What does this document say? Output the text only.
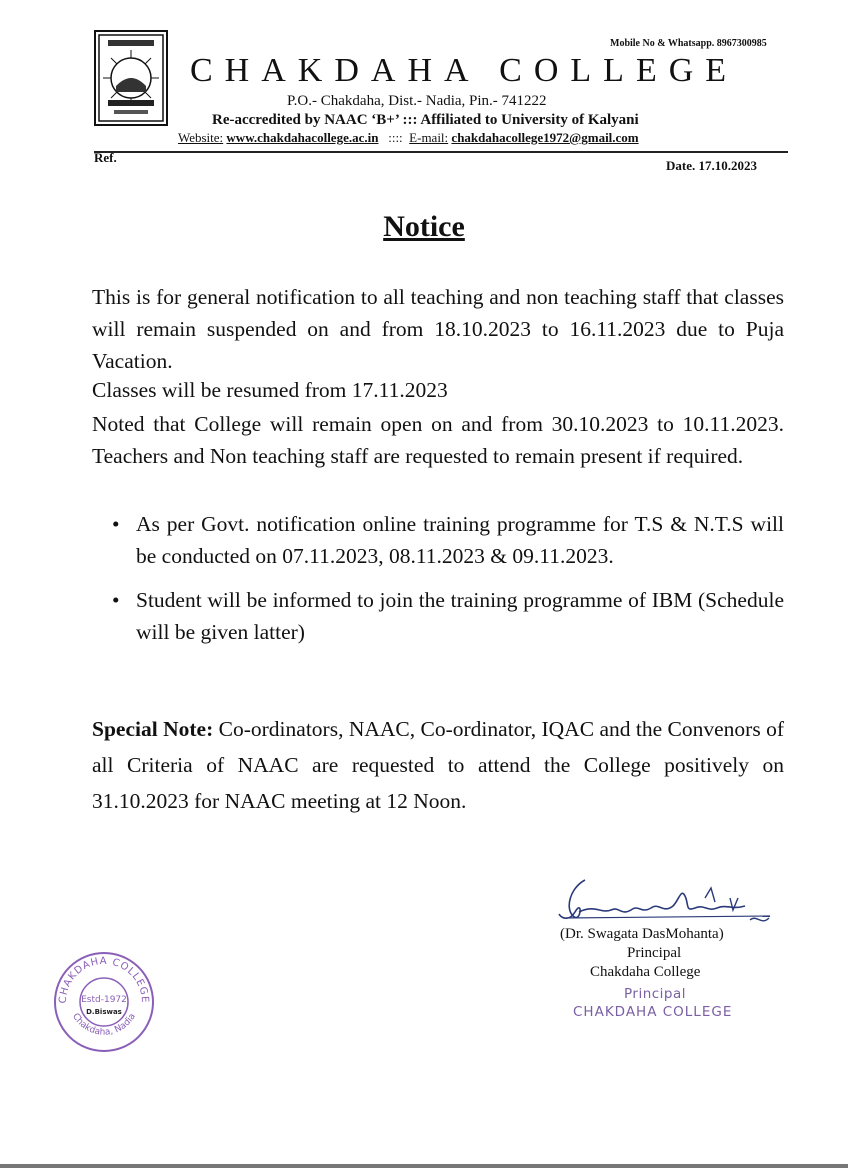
Mobile No & Whatsapp. 8967300985
CHAKDAHA COLLEGE
P.O.- Chakdaha, Dist.- Nadia, Pin.- 741222
Re-accredited by NAAC ‘B+’ ::: Affiliated to University of Kalyani
Website: www.chakdahacollege.ac.in :::: E-mail: chakdahacollege1972@gmail.com
Ref.
Date. 17.10.2023
Notice
This is for general notification to all teaching and non teaching staff that classes will remain suspended on and from 18.10.2023 to 16.11.2023 due to Puja Vacation.
Classes will be resumed from 17.11.2023
Noted that College will remain open on and from 30.10.2023 to 10.11.2023. Teachers and Non teaching staff are requested to remain present if required.
• As per Govt. notification online training programme for T.S & N.T.S will be conducted on 07.11.2023, 08.11.2023 & 09.11.2023.
• Student will be informed to join the training programme of IBM (Schedule will be given latter)
Special Note: Co-ordinators, NAAC, Co-ordinator, IQAC and the Convenors of all Criteria of NAAC are requested to attend the College positively on 31.10.2023 for NAAC meeting at 12 Noon.
(Dr. Swagata DasMohanta)
Principal
Chakdaha College
Principal
CHAKDAHA COLLEGE
CHAKDAHA COLLEGE
Chakdaha, Nadia
Estd-1972
D.Biswas
